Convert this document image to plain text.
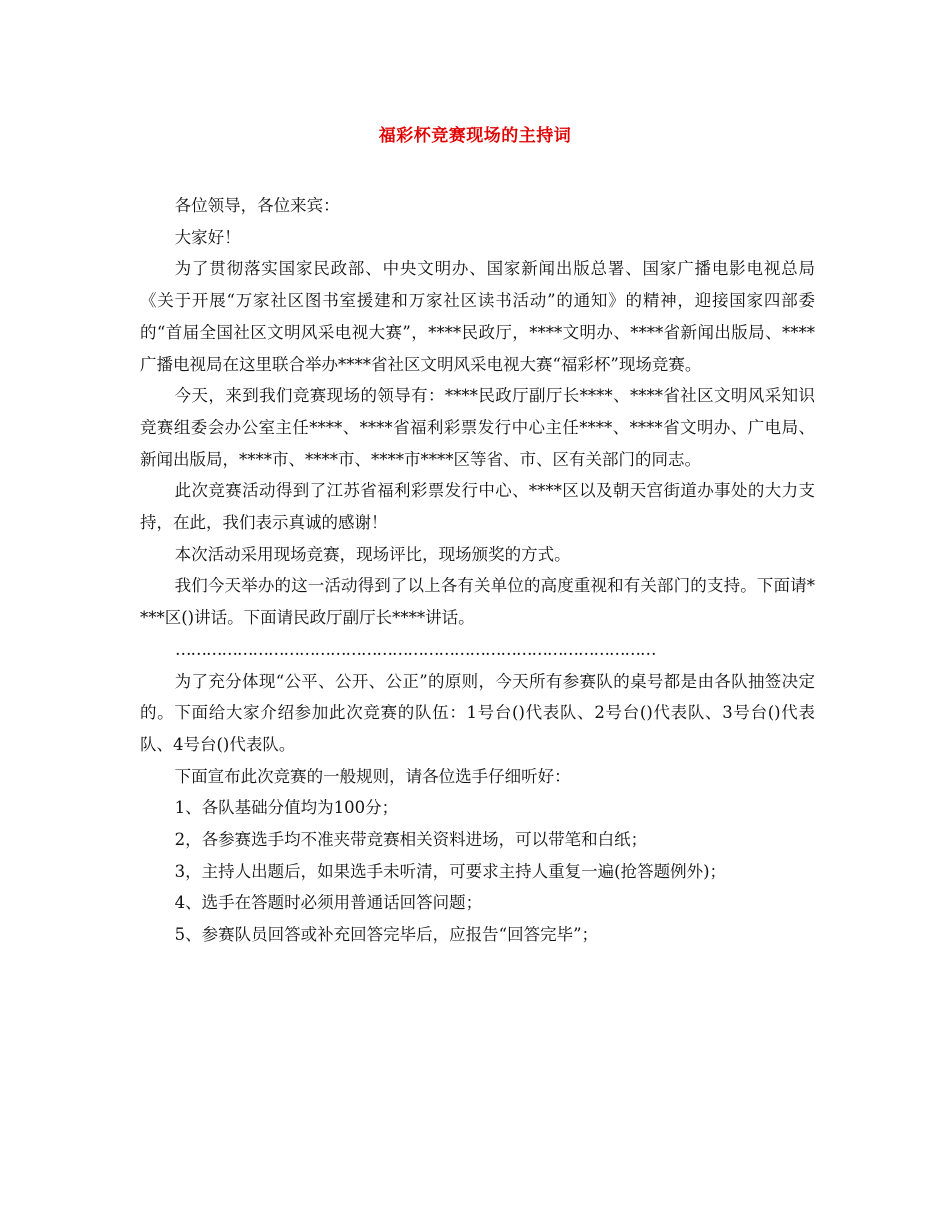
福彩杯竞赛现场的主持词

各位领导，各位来宾：

大家好！

为了贯彻落实国家民政部、中央文明办、国家新闻出版总署、国家广播电影电视总局《关于开展“万家社区图书室援建和万家社区读书活动”的通知》的精神，迎接国家四部委的“首届全国社区文明风采电视大赛”，****民政厅，****文明办、****省新闻出版局、****广播电视局在这里联合举办****省社区文明风采电视大赛“福彩杯”现场竞赛。

今天，来到我们竞赛现场的领导有：****民政厅副厅长****、****省社区文明风采知识竞赛组委会办公室主任****、****省福利彩票发行中心主任****、****省文明办、广电局、新闻出版局，****市、****市、****市****区等省、市、区有关部门的同志。

此次竞赛活动得到了江苏省福利彩票发行中心、****区以及朝天宫街道办事处的大力支持，在此，我们表示真诚的感谢！

本次活动采用现场竞赛，现场评比，现场颁奖的方式。

我们今天举办的这一活动得到了以上各有关单位的高度重视和有关部门的支持。下面请****区()讲话。下面请民政厅副厅长****讲话。

…………………………………………………………………………………

为了充分体现“公平、公开、公正”的原则，今天所有参赛队的桌号都是由各队抽签决定的。下面给大家介绍参加此次竞赛的队伍：1号台()代表队、2号台()代表队、3号台()代表队、4号台()代表队。

下面宣布此次竞赛的一般规则，请各位选手仔细听好：

1、各队基础分值均为100分；

2，各参赛选手均不准夹带竞赛相关资料进场，可以带笔和白纸；

3，主持人出题后，如果选手未听清，可要求主持人重复一遍(抢答题例外)；

4、选手在答题时必须用普通话回答问题；

5、参赛队员回答或补充回答完毕后，应报告“回答完毕”；
